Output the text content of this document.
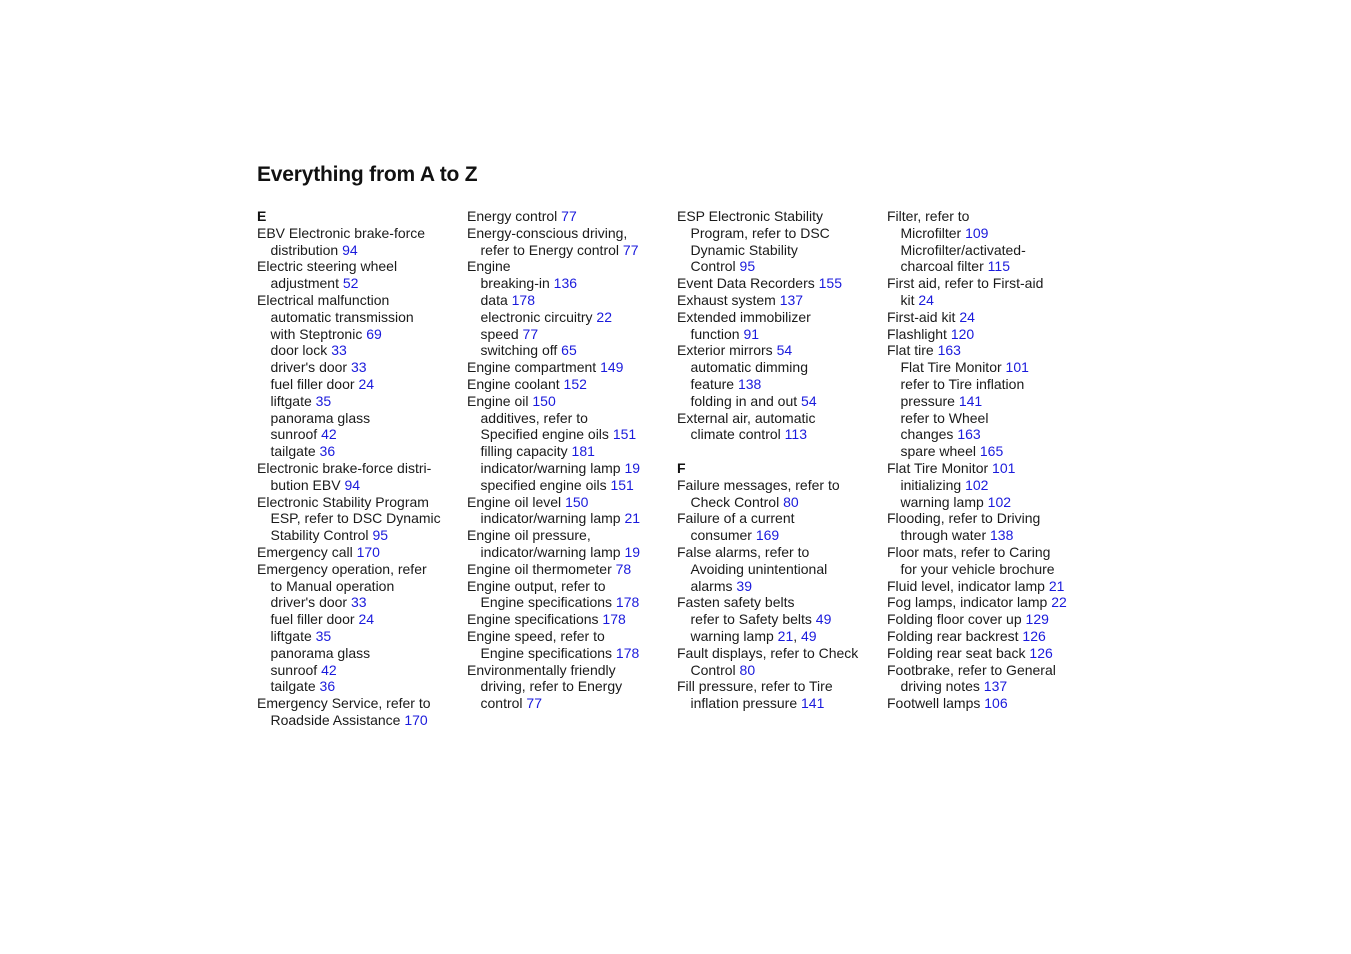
Everything from A to Z
E
EBV Electronic brake-force
distribution 94
Electric steering wheel
adjustment 52
Electrical malfunction
automatic transmission
with Steptronic 69
door lock 33
driver's door 33
fuel filler door 24
liftgate 35
panorama glass
sunroof 42
tailgate 36
Electronic brake-force distri-
bution EBV 94
Electronic Stability Program
ESP, refer to DSC Dynamic
Stability Control 95
Emergency call 170
Emergency operation, refer
to Manual operation
driver's door 33
fuel filler door 24
liftgate 35
panorama glass
sunroof 42
tailgate 36
Emergency Service, refer to
Roadside Assistance 170
Energy control 77
Energy-conscious driving,
refer to Energy control 77
Engine
breaking-in 136
data 178
electronic circuitry 22
speed 77
switching off 65
Engine compartment 149
Engine coolant 152
Engine oil 150
additives, refer to
Specified engine oils 151
filling capacity 181
indicator/warning lamp 19
specified engine oils 151
Engine oil level 150
indicator/warning lamp 21
Engine oil pressure,
indicator/warning lamp 19
Engine oil thermometer 78
Engine output, refer to
Engine specifications 178
Engine specifications 178
Engine speed, refer to
Engine specifications 178
Environmentally friendly
driving, refer to Energy
control 77
ESP Electronic Stability
Program, refer to DSC
Dynamic Stability
Control 95
Event Data Recorders 155
Exhaust system 137
Extended immobilizer
function 91
Exterior mirrors 54
automatic dimming
feature 138
folding in and out 54
External air, automatic
climate control 113
F
Failure messages, refer to
Check Control 80
Failure of a current
consumer 169
False alarms, refer to
Avoiding unintentional
alarms 39
Fasten safety belts
refer to Safety belts 49
warning lamp 21, 49
Fault displays, refer to Check
Control 80
Fill pressure, refer to Tire
inflation pressure 141
Filter, refer to
Microfilter 109
Microfilter/activated-
charcoal filter 115
First aid, refer to First-aid
kit 24
First-aid kit 24
Flashlight 120
Flat tire 163
Flat Tire Monitor 101
refer to Tire inflation
pressure 141
refer to Wheel
changes 163
spare wheel 165
Flat Tire Monitor 101
initializing 102
warning lamp 102
Flooding, refer to Driving
through water 138
Floor mats, refer to Caring
for your vehicle brochure
Fluid level, indicator lamp 21
Fog lamps, indicator lamp 22
Folding floor cover up 129
Folding rear backrest 126
Folding rear seat back 126
Footbrake, refer to General
driving notes 137
Footwell lamps 106
